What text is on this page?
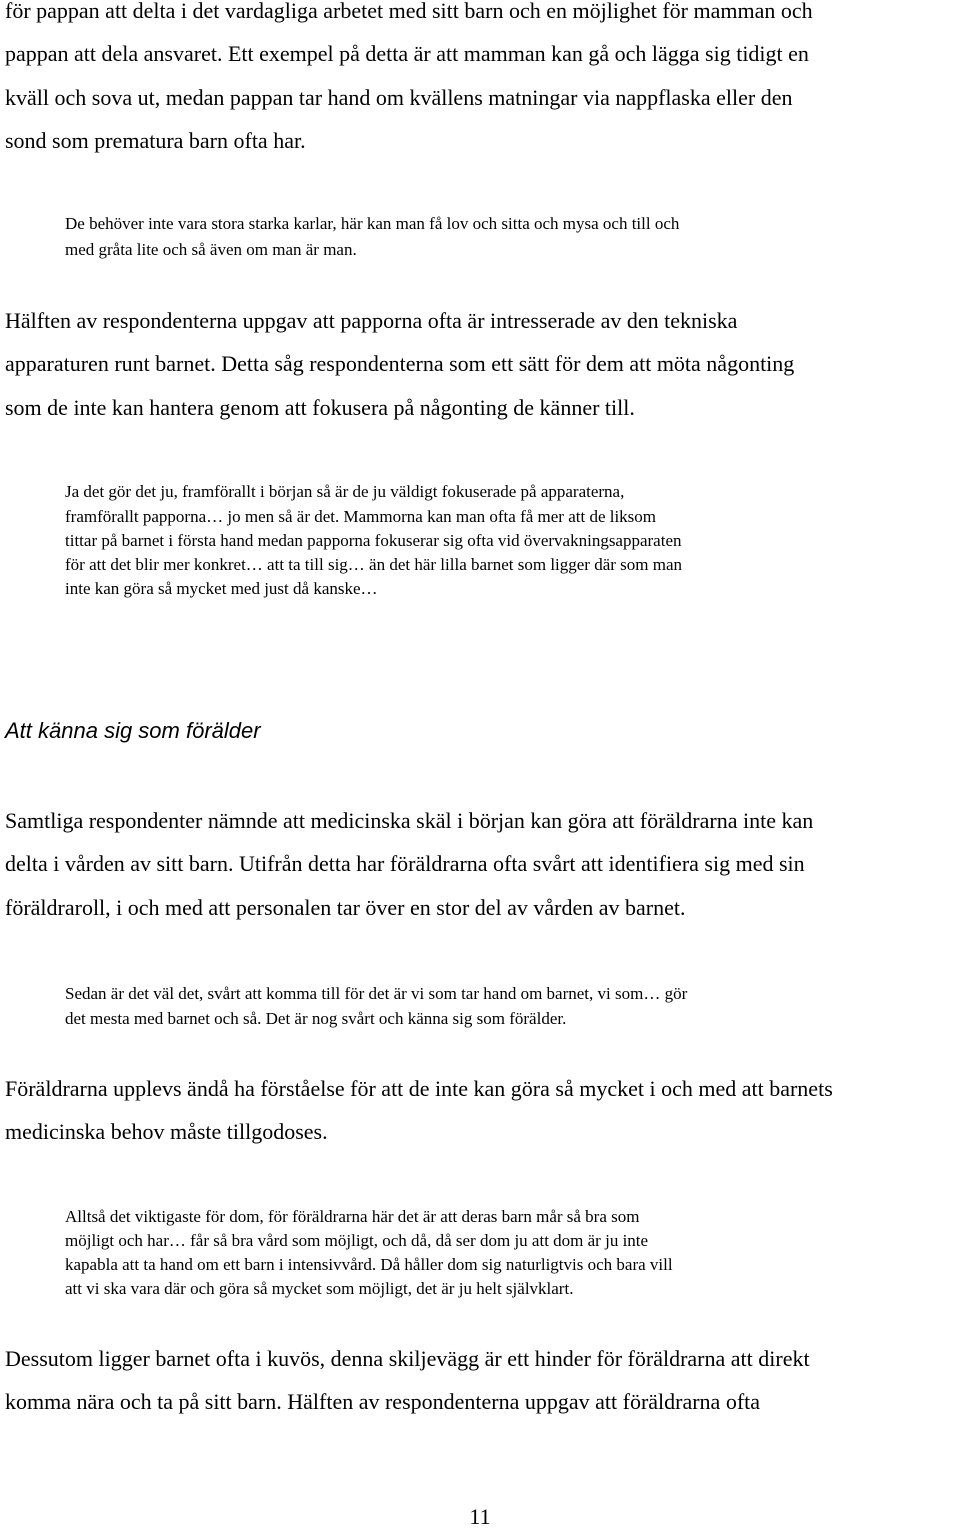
för pappan att delta i det vardagliga arbetet med sitt barn och en möjlighet för mamman och

pappan att dela ansvaret. Ett exempel på detta är att mamman kan gå och lägga sig tidigt en

kväll och sova ut, medan pappan tar hand om kvällens matningar via nappflaska eller den

sond som prematura barn ofta har.

De behöver inte vara stora starka karlar, här kan man få lov och sitta och mysa och till och

med gråta lite och så även om man är man.

Hälften av respondenterna uppgav att papporna ofta är intresserade av den tekniska

apparaturen runt barnet. Detta såg respondenterna som ett sätt för dem att möta någonting

som de inte kan hantera genom att fokusera på någonting de känner till.

Ja det gör det ju, framförallt i början så är de ju väldigt fokuserade på apparaterna,

framförallt papporna… jo men så är det. Mammorna kan man ofta få mer att de liksom

tittar på barnet i första hand medan papporna fokuserar sig ofta vid övervakningsapparaten

för att det blir mer konkret… att ta till sig… än det här lilla barnet som ligger där som man

inte kan göra så mycket med just då kanske…

Att känna sig som förälder

Samtliga respondenter nämnde att medicinska skäl i början kan göra att föräldrarna inte kan

delta i vården av sitt barn. Utifrån detta har föräldrarna ofta svårt att identifiera sig med sin

föräldraroll, i och med att personalen tar över en stor del av vården av barnet.

Sedan är det väl det, svårt att komma till för det är vi som tar hand om barnet, vi som… gör

det mesta med barnet och så. Det är nog svårt och känna sig som förälder.

Föräldrarna upplevs ändå ha förståelse för att de inte kan göra så mycket i och med att barnets

medicinska behov måste tillgodoses.

Alltså det viktigaste för dom, för föräldrarna här det är att deras barn mår så bra som

möjligt och har… får så bra vård som möjligt, och då, då ser dom ju att dom är ju inte

kapabla att ta hand om ett barn i intensivvård. Då håller dom sig naturligtvis och bara vill

att vi ska vara där och göra så mycket som möjligt, det är ju helt självklart.

Dessutom ligger barnet ofta i kuvös, denna skiljevägg är ett hinder för föräldrarna att direkt

komma nära och ta på sitt barn. Hälften av respondenterna uppgav att föräldrarna ofta

11
